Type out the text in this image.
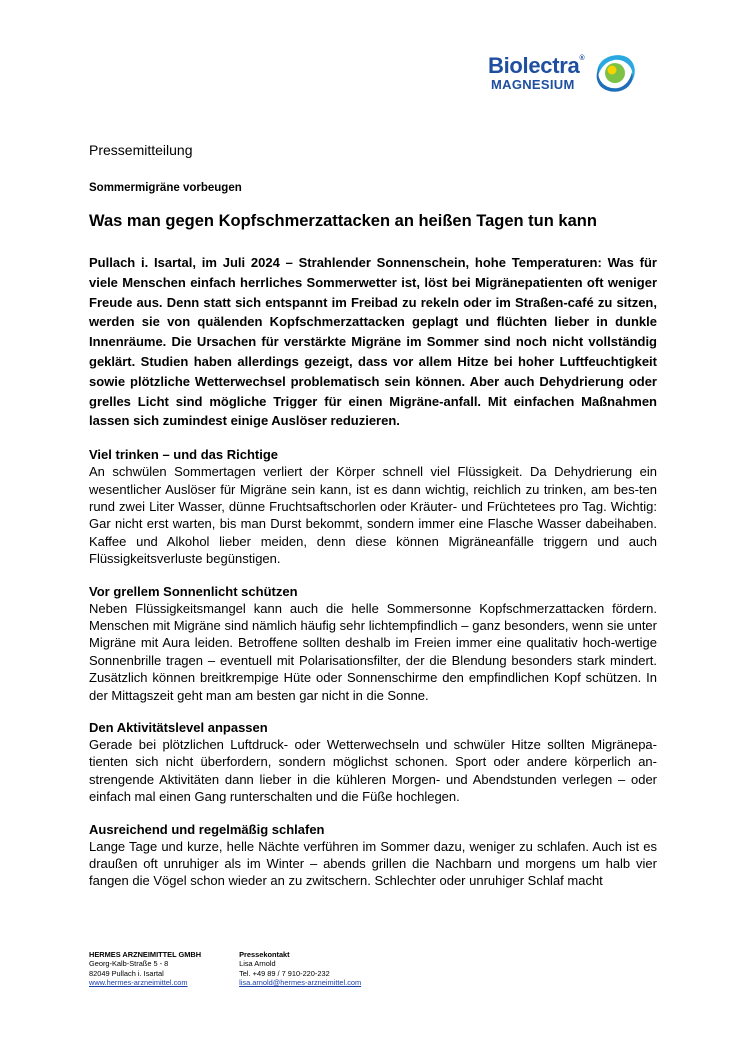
Biolectra®
MAGNESIUM

Pressemitteilung

Sommermigräne vorbeugen

Was man gegen Kopfschmerzattacken an heißen Tagen tun kann

Pullach i. Isartal, im Juli 2024 – Strahlender Sonnenschein, hohe Temperaturen: Was für viele Menschen einfach herrliches Sommerwetter ist, löst bei Migränepatienten oft weniger Freude aus. Denn statt sich entspannt im Freibad zu rekeln oder im Straßen-café zu sitzen, werden sie von quälenden Kopfschmerzattacken geplagt und flüchten lieber in dunkle Innenräume. Die Ursachen für verstärkte Migräne im Sommer sind noch nicht vollständig geklärt. Studien haben allerdings gezeigt, dass vor allem Hitze bei hoher Luftfeuchtigkeit sowie plötzliche Wetterwechsel problematisch sein können. Aber auch Dehydrierung oder grelles Licht sind mögliche Trigger für einen Migräne-anfall. Mit einfachen Maßnahmen lassen sich zumindest einige Auslöser reduzieren.

Viel trinken – und das Richtige

An schwülen Sommertagen verliert der Körper schnell viel Flüssigkeit. Da Dehydrierung ein wesentlicher Auslöser für Migräne sein kann, ist es dann wichtig, reichlich zu trinken, am bes-ten rund zwei Liter Wasser, dünne Fruchtsaftschorlen oder Kräuter- und Früchtetees pro Tag. Wichtig: Gar nicht erst warten, bis man Durst bekommt, sondern immer eine Flasche Wasser dabeihaben. Kaffee und Alkohol lieber meiden, denn diese können Migräneanfälle triggern und auch Flüssigkeitsverluste begünstigen.

Vor grellem Sonnenlicht schützen

Neben Flüssigkeitsmangel kann auch die helle Sommersonne Kopfschmerzattacken fördern. Menschen mit Migräne sind nämlich häufig sehr lichtempfindlich – ganz besonders, wenn sie unter Migräne mit Aura leiden. Betroffene sollten deshalb im Freien immer eine qualitativ hoch-wertige Sonnenbrille tragen – eventuell mit Polarisationsfilter, der die Blendung besonders stark mindert. Zusätzlich können breitkrempige Hüte oder Sonnenschirme den empfindlichen Kopf schützen. In der Mittagszeit geht man am besten gar nicht in die Sonne.

Den Aktivitätslevel anpassen

Gerade bei plötzlichen Luftdruck- oder Wetterwechseln und schwüler Hitze sollten Migränepa-tienten sich nicht überfordern, sondern möglichst schonen. Sport oder andere körperlich an-strengende Aktivitäten dann lieber in die kühleren Morgen- und Abendstunden verlegen – oder einfach mal einen Gang runterschalten und die Füße hochlegen.

Ausreichend und regelmäßig schlafen

Lange Tage und kurze, helle Nächte verführen im Sommer dazu, weniger zu schlafen. Auch ist es draußen oft unruhiger als im Winter – abends grillen die Nachbarn und morgens um halb vier fangen die Vögel schon wieder an zu zwitschern. Schlechter oder unruhiger Schlaf macht

HERMES ARZNEIMITTEL GMBH
Georg-Kalb-Straße 5 - 8
82049 Pullach i. Isartal
www.hermes-arzneimittel.com
Pressekontakt
Lisa Arnold
Tel. +49 89 / 7 910-220-232
lisa.arnold@hermes-arzneimittel.com
